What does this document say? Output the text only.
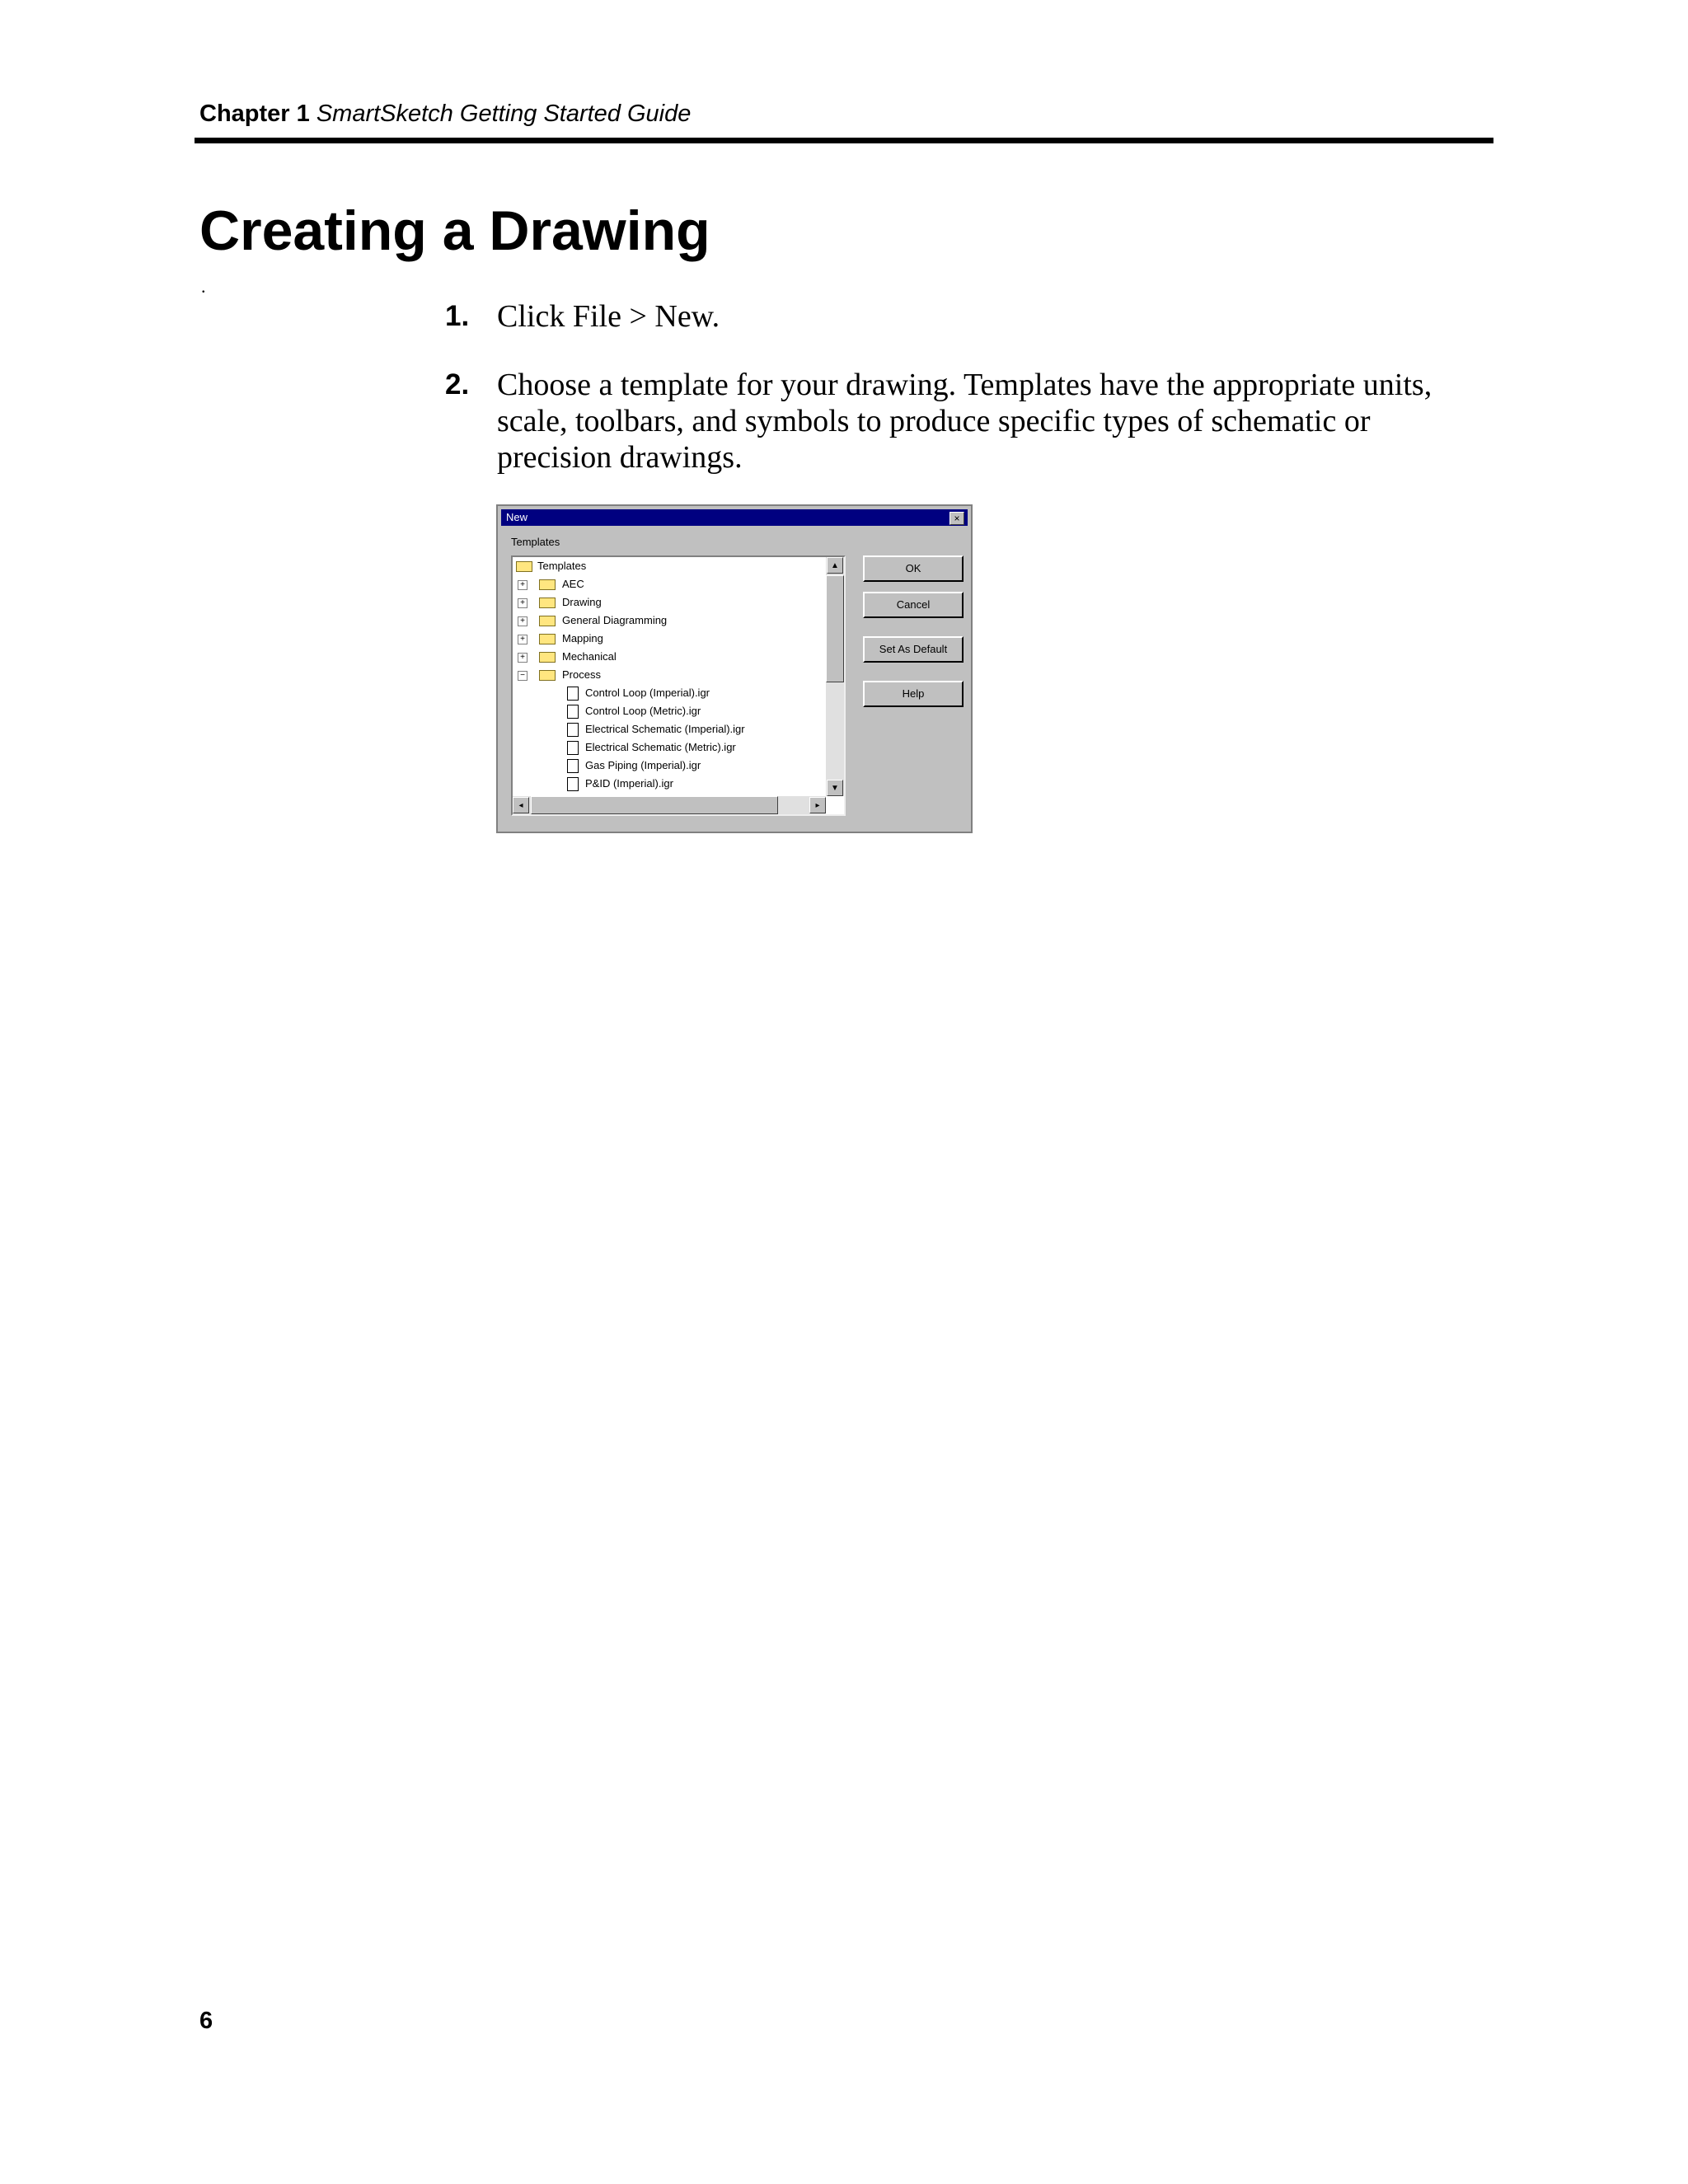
Chapter 1 SmartSketch Getting Started Guide
Creating a Drawing
.
1. Click File > New.
2. Choose a template for your drawing. Templates have the appropriate units, scale, toolbars, and symbols to produce specific types of schematic or precision drawings.
New	×
Templates
Templates
+	AEC
+	Drawing
+	General Diagramming
+	Mapping
+	Mechanical
−	Process
Control Loop (Imperial).igr
Control Loop (Metric).igr
Electrical Schematic (Imperial).igr
Electrical Schematic (Metric).igr
Gas Piping (Imperial).igr
P&ID (Imperial).igr
▲
▼
◂	▸
OK
Cancel
Set As Default
Help
6
